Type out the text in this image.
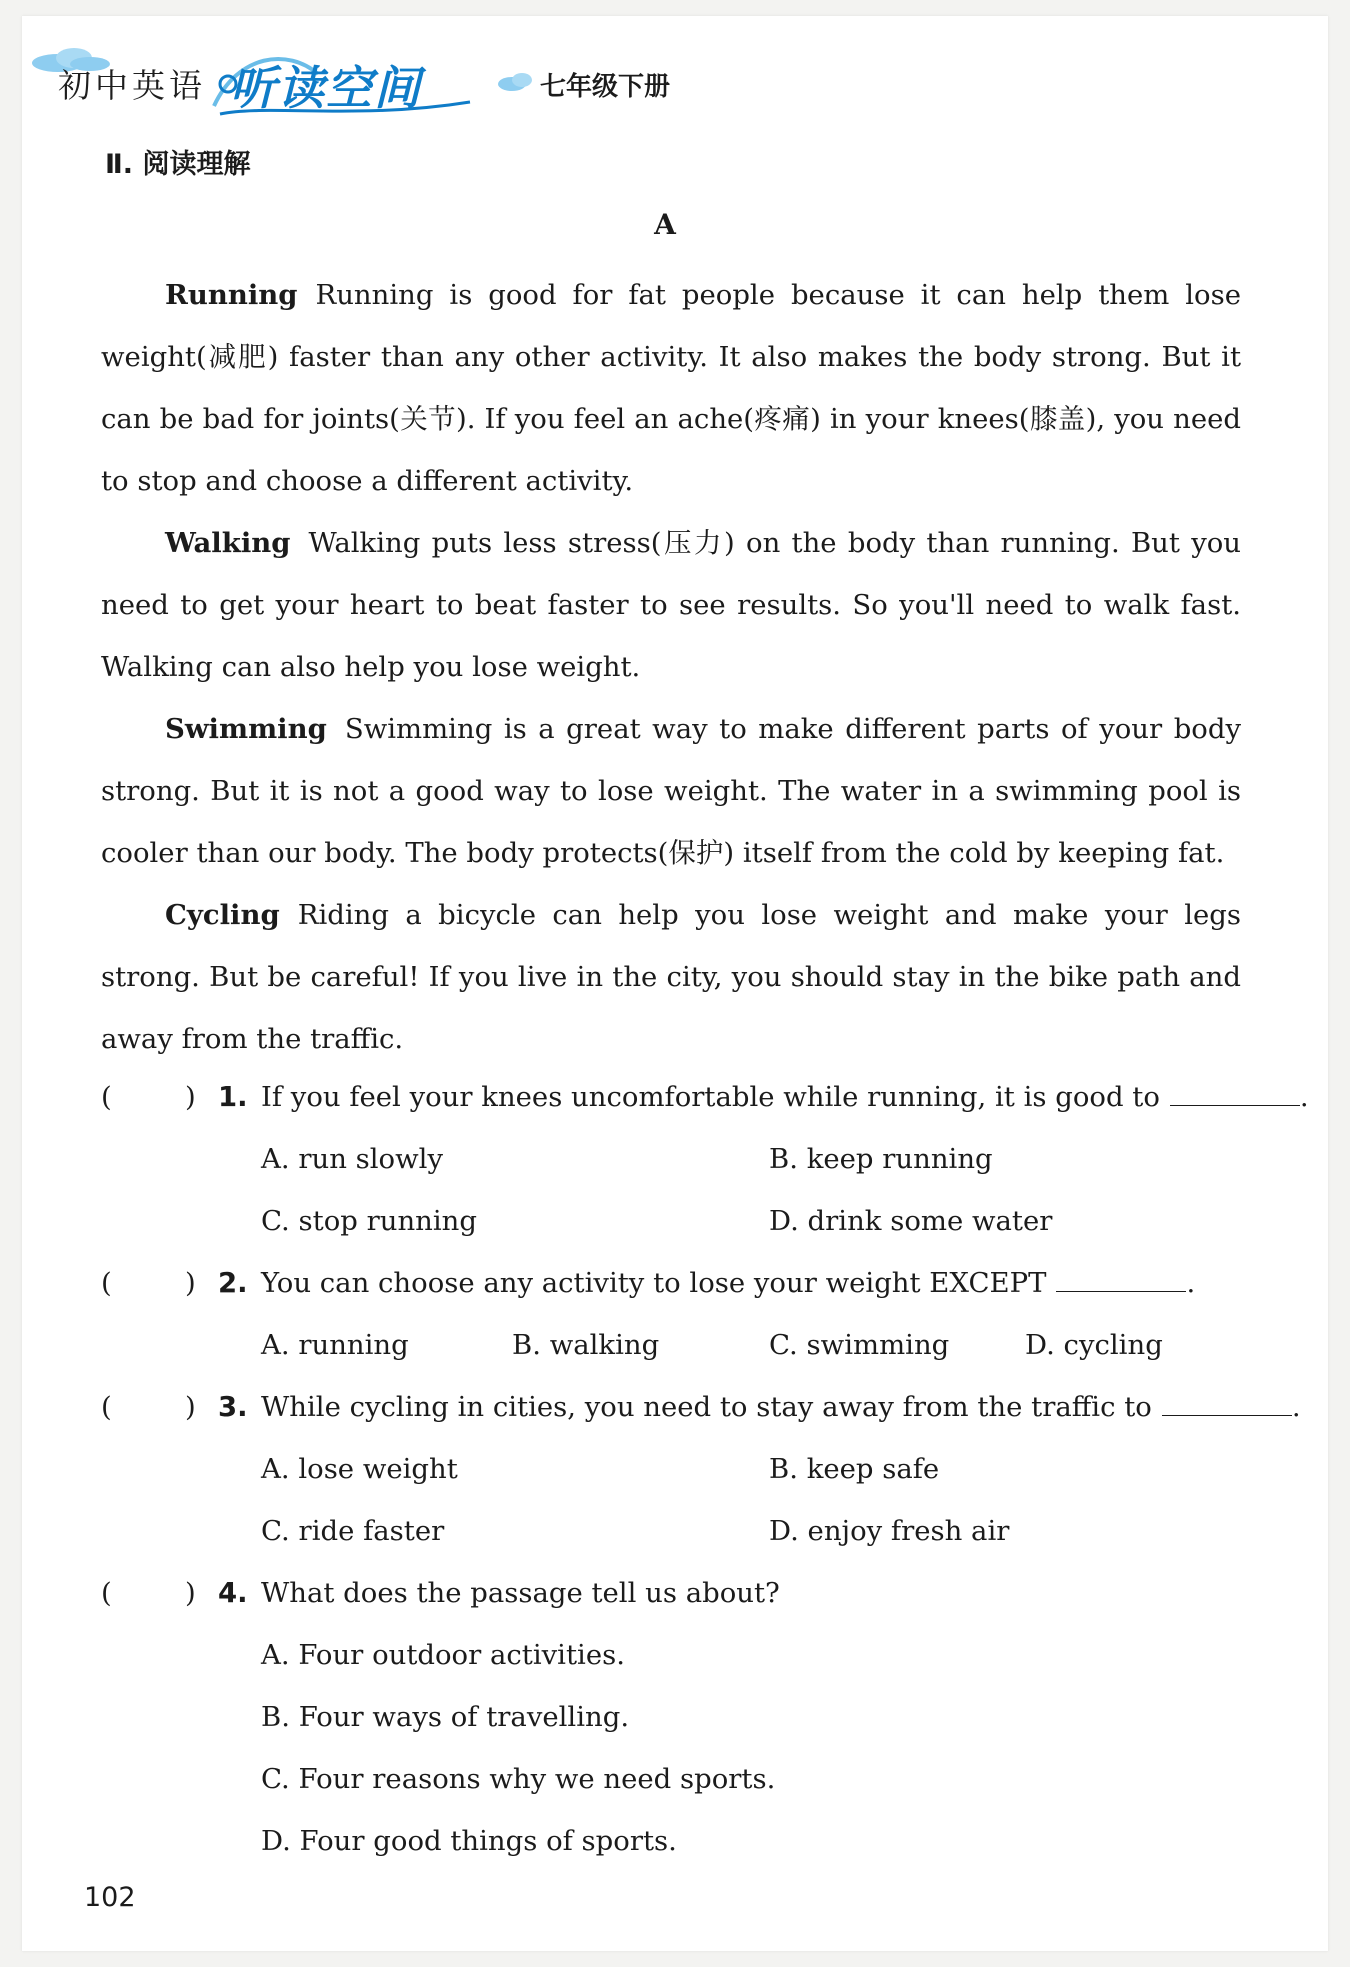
初中英语 听读空间	七年级下册
Ⅱ. 阅读理解
A

Running Running is good for fat people because it can help them lose weight(减肥) faster than any other activity. It also makes the body strong. But it can be bad for joints(关节). If you feel an ache(疼痛) in your knees(膝盖), you need to stop and choose a different activity.

Walking Walking puts less stress(压力) on the body than running. But you need to get your heart to beat faster to see results. So you'll need to walk fast. Walking can also help you lose weight.

Swimming Swimming is a great way to make different parts of your body strong. But it is not a good way to lose weight. The water in a swimming pool is cooler than our body. The body protects(保护) itself from the cold by keeping fat.

Cycling Riding a bicycle can help you lose weight and make your legs strong. But be careful! If you live in the city, you should stay in the bike path and away from the traffic.

(	) 1. If you feel your knees uncomfortable while running, it is good to	.
A. run slowly	B. keep running
C. stop running	D. drink some water
(	) 2. You can choose any activity to lose your weight EXCEPT	.
A. running	B. walking	C. swimming	D. cycling
(	) 3. While cycling in cities, you need to stay away from the traffic to	.
A. lose weight	B. keep safe
C. ride faster	D. enjoy fresh air
(	) 4. What does the passage tell us about?
A. Four outdoor activities.
B. Four ways of travelling.
C. Four reasons why we need sports.
D. Four good things of sports.
102
